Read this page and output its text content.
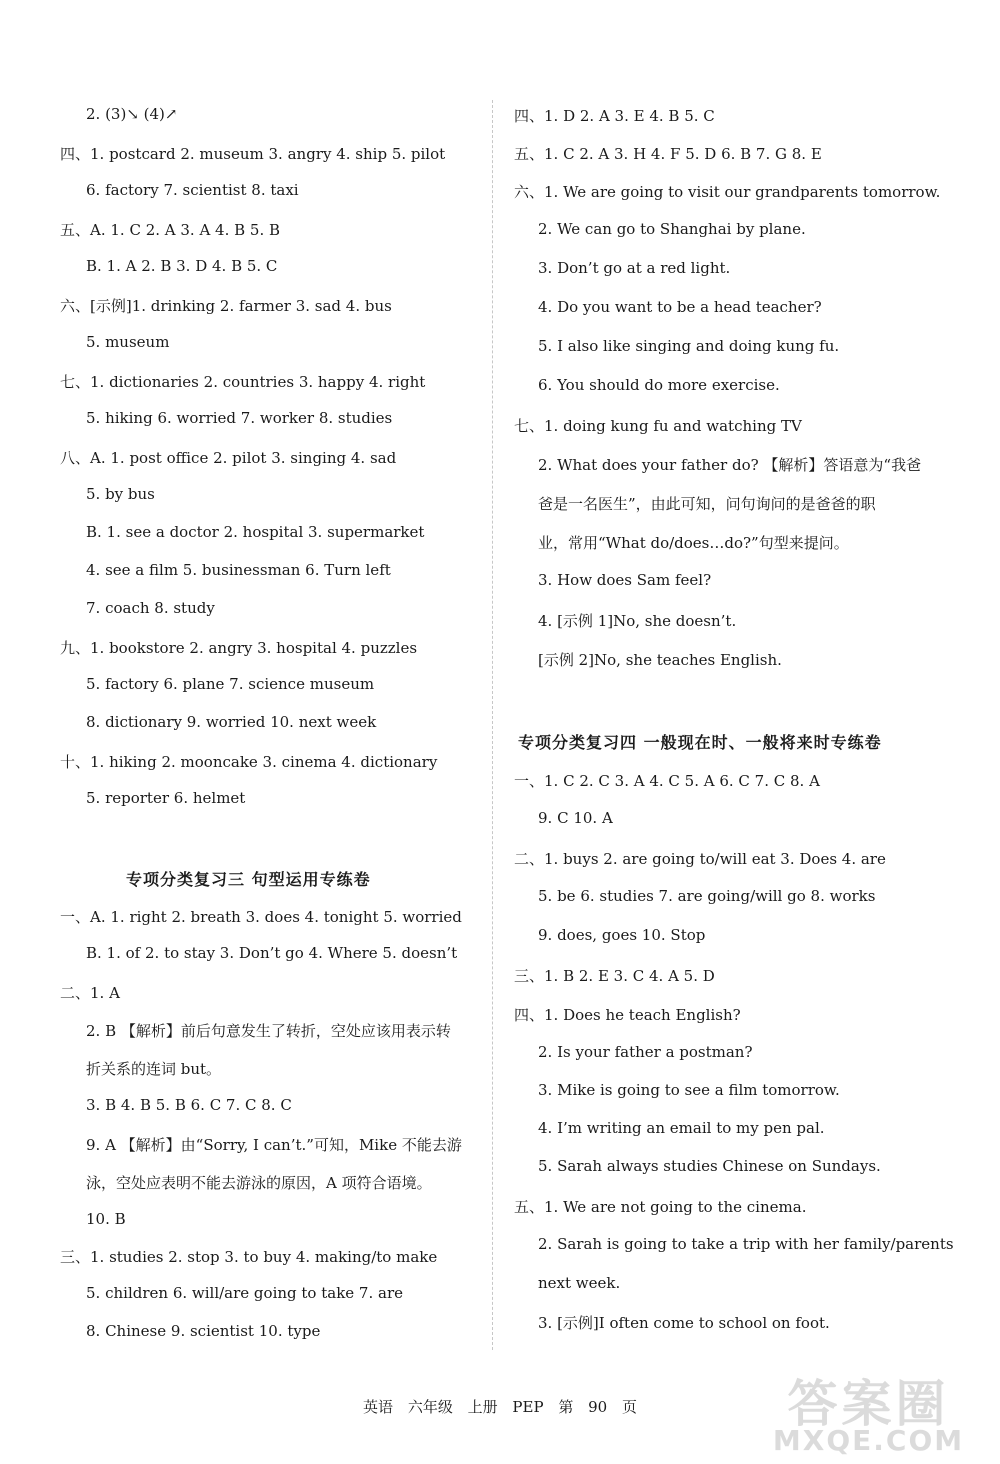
2. (3)↘ (4)↗
四、1. postcard 2. museum 3. angry 4. ship 5. pilot
6. factory 7. scientist 8. taxi
五、A. 1. C 2. A 3. A 4. B 5. B
B. 1. A 2. B 3. D 4. B 5. C
六、[示例]1. drinking 2. farmer 3. sad 4. bus
5. museum
七、1. dictionaries 2. countries 3. happy 4. right
5. hiking 6. worried 7. worker 8. studies
八、A. 1. post office 2. pilot 3. singing 4. sad
5. by bus
B. 1. see a doctor 2. hospital 3. supermarket
4. see a film 5. businessman 6. Turn left
7. coach 8. study
九、1. bookstore 2. angry 3. hospital 4. puzzles
5. factory 6. plane 7. science museum
8. dictionary 9. worried 10. next week
十、1. hiking 2. mooncake 3. cinema 4. dictionary
5. reporter 6. helmet
专项分类复习三 句型运用专练卷
一、A. 1. right 2. breath 3. does 4. tonight 5. worried
B. 1. of 2. to stay 3. Don’t go 4. Where 5. doesn’t
二、1. A
2. B 【解析】前后句意发生了转折，空处应该用表示转
折关系的连词 but。
3. B 4. B 5. B 6. C 7. C 8. C
9. A 【解析】由“Sorry, I can’t.”可知，Mike 不能去游
泳，空处应表明不能去游泳的原因，A 项符合语境。
10. B
三、1. studies 2. stop 3. to buy 4. making/to make
5. children 6. will/are going to take 7. are
8. Chinese 9. scientist 10. type
四、1. D 2. A 3. E 4. B 5. C
五、1. C 2. A 3. H 4. F 5. D 6. B 7. G 8. E
六、1. We are going to visit our grandparents tomorrow.
2. We can go to Shanghai by plane.
3. Don’t go at a red light.
4. Do you want to be a head teacher?
5. I also like singing and doing kung fu.
6. You should do more exercise.
七、1. doing kung fu and watching TV
2. What does your father do? 【解析】答语意为“我爸
爸是一名医生”，由此可知，问句询问的是爸爸的职
业，常用“What do/does…do?”句型来提问。
3. How does Sam feel?
4. [示例 1]No, she doesn’t.
[示例 2]No, she teaches English.
专项分类复习四 一般现在时、一般将来时专练卷
一、1. C 2. C 3. A 4. C 5. A 6. C 7. C 8. A
9. C 10. A
二、1. buys 2. are going to/will eat 3. Does 4. are
5. be 6. studies 7. are going/will go 8. works
9. does, goes 10. Stop
三、1. B 2. E 3. C 4. A 5. D
四、1. Does he teach English?
2. Is your father a postman?
3. Mike is going to see a film tomorrow.
4. I’m writing an email to my pen pal.
5. Sarah always studies Chinese on Sundays.
五、1. We are not going to the cinema.
2. Sarah is going to take a trip with her family/parents
next week.
3. [示例]I often come to school on foot.
英语 六年级 上册 PEP 第 90 页	答案圈
MXQE.COM
